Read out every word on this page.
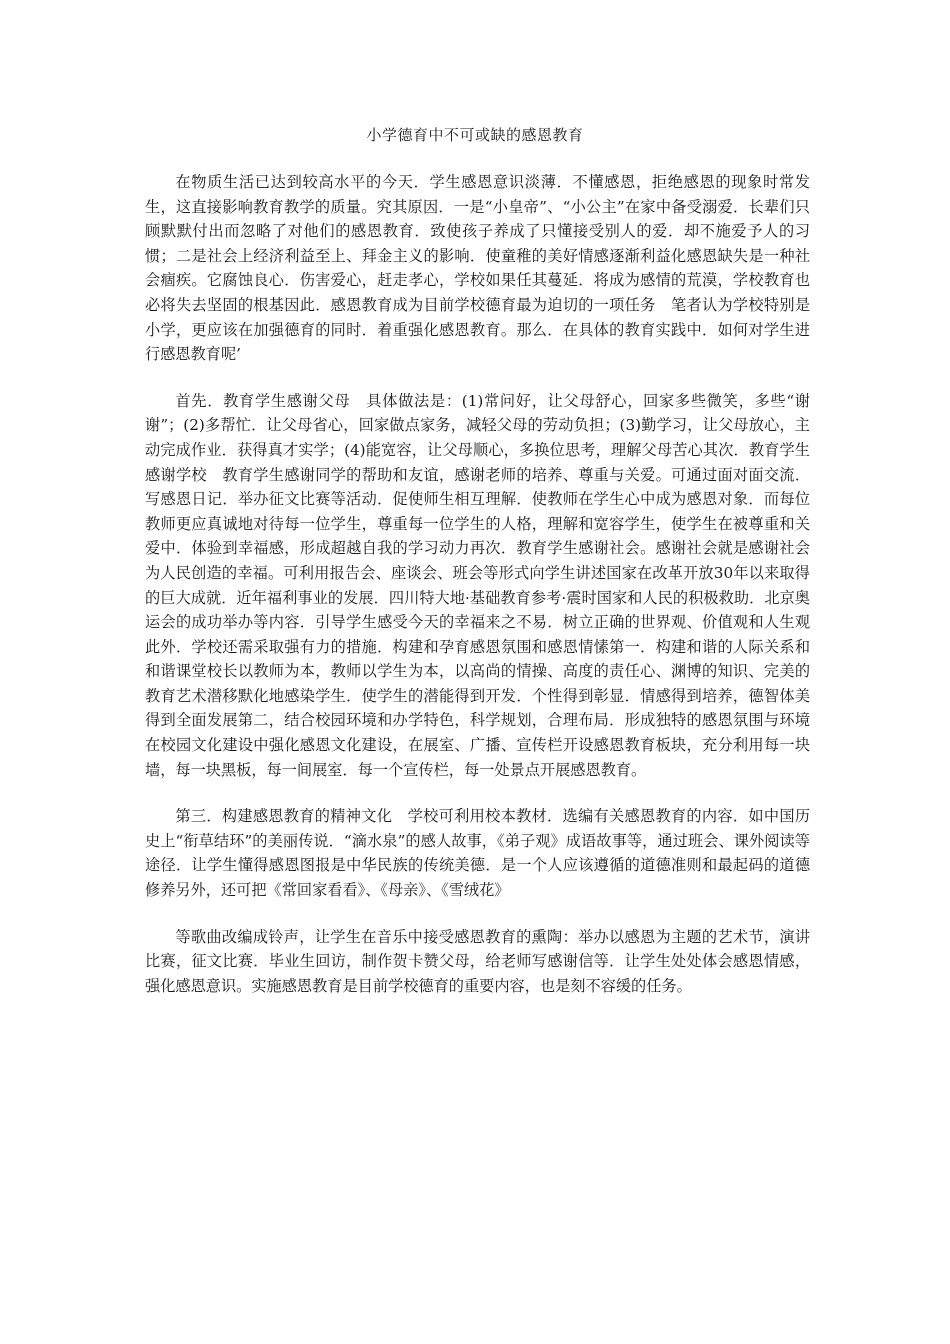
小学德育中不可或缺的感恩教育

在物质生活已达到较高水平的今天．学生感恩意识淡薄．不懂感恩，拒绝感恩的现象时常发生，这直接影响教育教学的质量。究其原因．一是“小皇帝”、“小公主”在家中备受溺爱．长辈们只顾默默付出而忽略了对他们的感恩教育．致使孩子养成了只懂接受别人的爱．却不施爱予人的习惯；二是社会上经济利益至上、拜金主义的影响．使童稚的美好情感逐渐利益化感恩缺失是一种社会痼疾。它腐蚀良心．伤害爱心，赶走孝心，学校如果任其蔓延．将成为感情的荒漠，学校教育也必将失去坚固的根基因此．感恩教育成为目前学校德育最为迫切的一项任务　笔者认为学校特别是小学，更应该在加强德育的同时．着重强化感恩教育。那么．在具体的教育实践中．如何对学生进行感恩教育呢’

首先．教育学生感谢父母　具体做法是：(1)常问好，让父母舒心，回家多些微笑，多些“谢谢”；(2)多帮忙．让父母省心，回家做点家务，减轻父母的劳动负担；(3)勤学习，让父母放心，主动完成作业．获得真才实学；(4)能宽容，让父母顺心，多换位思考，理解父母苦心其次．教育学生感谢学校　教育学生感谢同学的帮助和友谊，感谢老师的培养、尊重与关爱。可通过面对面交流．写感恩日记．举办征文比赛等活动．促使师生相互理解．使教师在学生心中成为感恩对象．而每位教师更应真诚地对待每一位学生，尊重每一位学生的人格，理解和宽容学生，使学生在被尊重和关爱中．体验到幸福感，形成超越自我的学习动力再次．教育学生感谢社会。感谢社会就是感谢社会为人民创造的幸福。可利用报告会、座谈会、班会等形式向学生讲述国家在改革开放30年以来取得的巨大成就．近年福利事业的发展．四川特大地·基础教育参考·震时国家和人民的积极救助．北京奥运会的成功举办等内容．引导学生感受今天的幸福来之不易．树立正确的世界观、价值观和人生观此外．学校还需采取强有力的措施．构建和孕育感恩氛围和感恩情愫第一．构建和谐的人际关系和和谐课堂校长以教师为本，教师以学生为本，以高尚的情操、高度的责任心、渊博的知识、完美的教育艺术潜移默化地感染学生．使学生的潜能得到开发．个性得到彰显．情感得到培养，德智体美得到全面发展第二，结合校园环境和办学特色，科学规划，合理布局．形成独特的感恩氛围与环境在校园文化建设中强化感恩文化建设，在展室、广播、宣传栏开设感恩教育板块，充分利用每一块墙，每一块黑板，每一间展室．每一个宣传栏，每一处景点开展感恩教育。

第三．构建感恩教育的精神文化　学校可利用校本教材．选编有关感恩教育的内容．如中国历史上“衔草结环”的美丽传说．“滴水泉”的感人故事，《弟子观》成语故事等，通过班会、课外阅读等途径．让学生懂得感恩图报是中华民族的传统美德．是一个人应该遵循的道德准则和最起码的道德修养另外，还可把《常回家看看》、《母亲》、《雪绒花》

等歌曲改编成铃声，让学生在音乐中接受感恩教育的熏陶：举办以感恩为主题的艺术节，演讲比赛，征文比赛．毕业生回访，制作贺卡赞父母，给老师写感谢信等．让学生处处体会感恩情感，强化感恩意识。实施感恩教育是目前学校德育的重要内容，也是刻不容缓的任务。
